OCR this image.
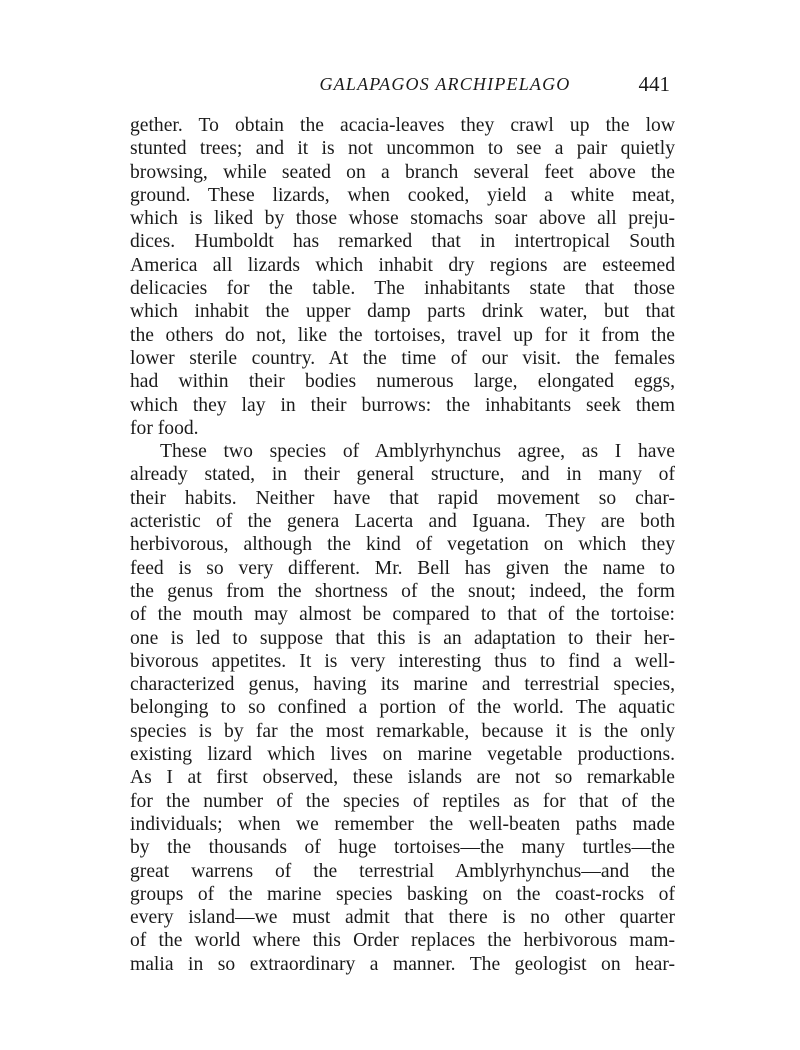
GALAPAGOS ARCHIPELAGO	441
gether. To obtain the acacia-leaves they crawl up the low
stunted trees; and it is not uncommon to see a pair quietly
browsing, while seated on a branch several feet above the
ground. These lizards, when cooked, yield a white meat,
which is liked by those whose stomachs soar above all preju-
dices. Humboldt has remarked that in intertropical South
America all lizards which inhabit dry regions are esteemed
delicacies for the table. The inhabitants state that those
which inhabit the upper damp parts drink water, but that
the others do not, like the tortoises, travel up for it from the
lower sterile country. At the time of our visit. the females
had within their bodies numerous large, elongated eggs,
which they lay in their burrows: the inhabitants seek them
for food.
These two species of Amblyrhynchus agree, as I have
already stated, in their general structure, and in many of
their habits. Neither have that rapid movement so char-
acteristic of the genera Lacerta and Iguana. They are both
herbivorous, although the kind of vegetation on which they
feed is so very different. Mr. Bell has given the name to
the genus from the shortness of the snout; indeed, the form
of the mouth may almost be compared to that of the tortoise:
one is led to suppose that this is an adaptation to their her-
bivorous appetites. It is very interesting thus to find a well-
characterized genus, having its marine and terrestrial species,
belonging to so confined a portion of the world. The aquatic
species is by far the most remarkable, because it is the only
existing lizard which lives on marine vegetable productions.
As I at first observed, these islands are not so remarkable
for the number of the species of reptiles as for that of the
individuals; when we remember the well-beaten paths made
by the thousands of huge tortoises—the many turtles—the
great warrens of the terrestrial Amblyrhynchus—and the
groups of the marine species basking on the coast-rocks of
every island—we must admit that there is no other quarter
of the world where this Order replaces the herbivorous mam-
malia in so extraordinary a manner. The geologist on hear-
